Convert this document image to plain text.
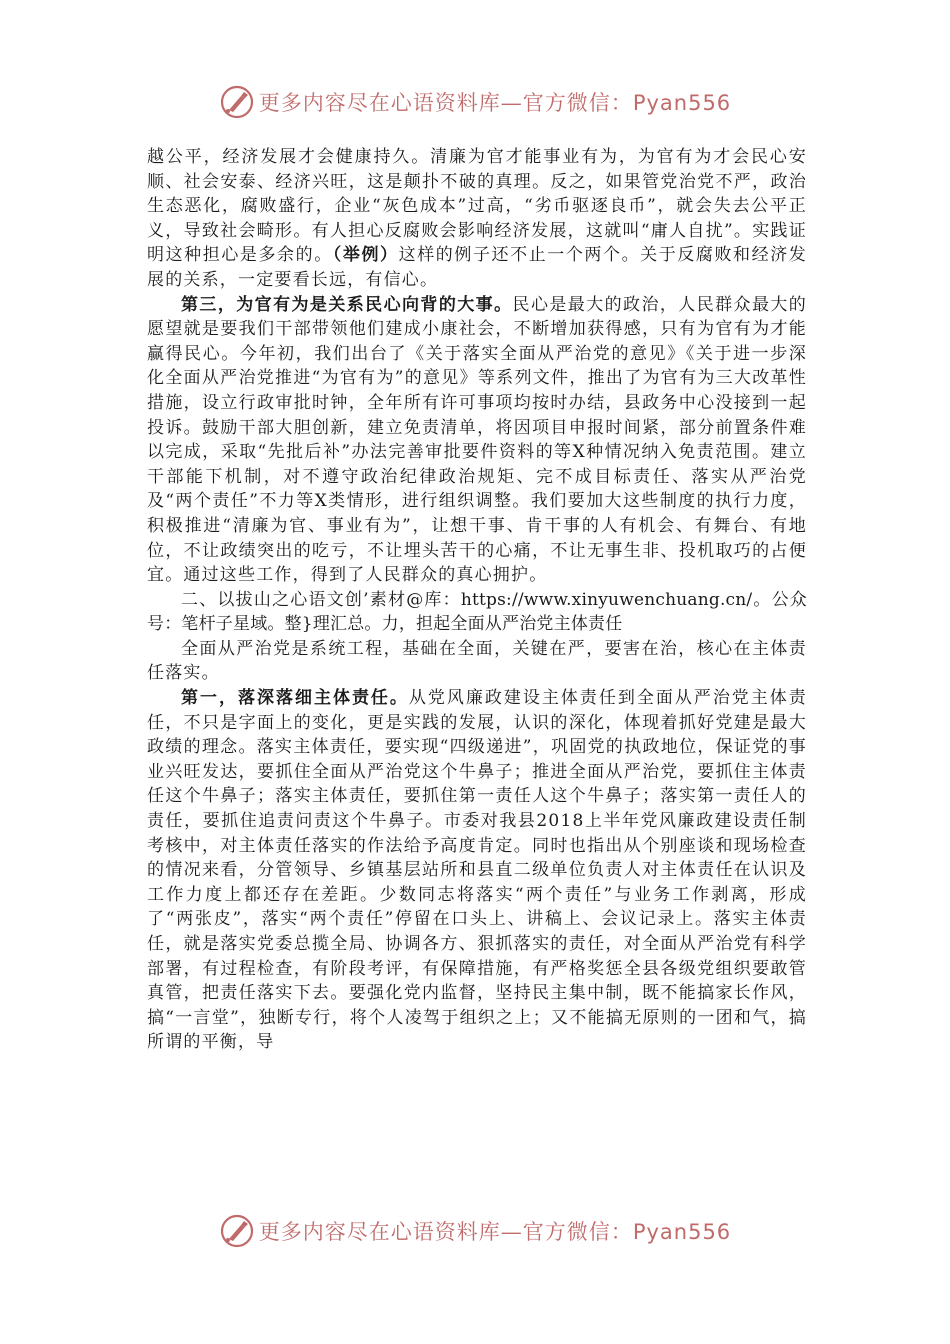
更多内容尽在心语资料库—官方微信：Pyan556

越公平，经济发展才会健康持久。清廉为官才能事业有为，为官有为才会民心安顺、社会安泰、经济兴旺，这是颠扑不破的真理。反之，如果管党治党不严，政治生态恶化，腐败盛行，企业“灰色成本”过高，“劣币驱逐良币”，就会失去公平正义，导致社会畸形。有人担心反腐败会影响经济发展，这就叫“庸人自扰”。实践证明这种担心是多余的。（举例）这样的例子还不止一个两个。关于反腐败和经济发展的关系，一定要看长远，有信心。

第三，为官有为是关系民心向背的大事。民心是最大的政治，人民群众最大的愿望就是要我们干部带领他们建成小康社会，不断增加获得感，只有为官有为才能赢得民心。今年初，我们出台了《关于落实全面从严治党的意见》《关于进一步深化全面从严治党推进“为官有为”的意见》等系列文件，推出了为官有为三大改革性措施，设立行政审批时钟，全年所有许可事项均按时办结，县政务中心没接到一起投诉。鼓励干部大胆创新，建立免责清单，将因项目申报时间紧，部分前置条件难以完成，采取“先批后补”办法完善审批要件资料的等X种情况纳入免责范围。建立干部能下机制，对不遵守政治纪律政治规矩、完不成目标责任、落实从严治党及“两个责任”不力等X类情形，进行组织调整。我们要加大这些制度的执行力度，积极推进“清廉为官、事业有为”，让想干事、肯干事的人有机会、有舞台、有地位，不让政绩突出的吃亏，不让埋头苦干的心痛，不让无事生非、投机取巧的占便宜。通过这些工作，得到了人民群众的真心拥护。

二、以拔山之心语文创’素材@库：https://www.xinyuwenchuang.cn/。公众号：笔杆子星域。整}理汇总。力，担起全面从严治党主体责任

全面从严治党是系统工程，基础在全面，关键在严，要害在治，核心在主体责任落实。

第一，落深落细主体责任。从党风廉政建设主体责任到全面从严治党主体责任，不只是字面上的变化，更是实践的发展，认识的深化，体现着抓好党建是最大政绩的理念。落实主体责任，要实现“四级递进”，巩固党的执政地位，保证党的事业兴旺发达，要抓住全面从严治党这个牛鼻子；推进全面从严治党，要抓住主体责任这个牛鼻子；落实主体责任，要抓住第一责任人这个牛鼻子；落实第一责任人的责任，要抓住追责问责这个牛鼻子。市委对我县2018上半年党风廉政建设责任制考核中，对主体责任落实的作法给予高度肯定。同时也指出从个别座谈和现场检查的情况来看，分管领导、乡镇基层站所和县直二级单位负责人对主体责任在认识及工作力度上都还存在差距。少数同志将落实“两个责任”与业务工作剥离，形成了“两张皮”，落实“两个责任”停留在口头上、讲稿上、会议记录上。落实主体责任，就是落实党委总揽全局、协调各方、狠抓落实的责任，对全面从严治党有科学部署，有过程检查，有阶段考评，有保障措施，有严格奖惩全县各级党组织要敢管真管，把责任落实下去。要强化党内监督，坚持民主集中制，既不能搞家长作风，搞“一言堂”，独断专行，将个人凌驾于组织之上；又不能搞无原则的一团和气，搞所谓的平衡，导

更多内容尽在心语资料库—官方微信：Pyan556
